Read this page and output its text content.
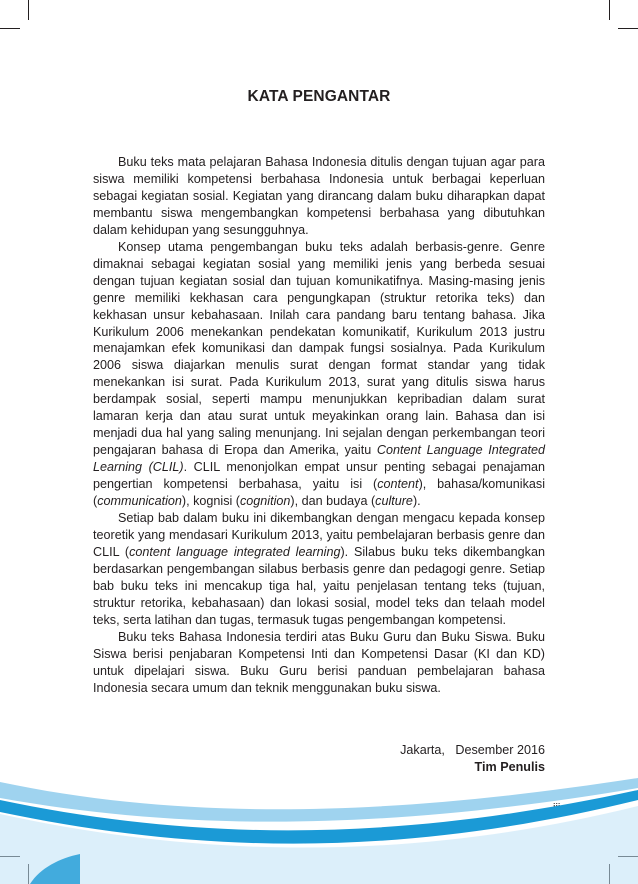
KATA PENGANTAR

Buku teks mata pelajaran Bahasa Indonesia ditulis dengan tujuan agar para siswa memiliki kompetensi berbahasa Indonesia untuk berbagai keperluan sebagai kegiatan sosial. Kegiatan yang dirancang dalam buku diharapkan dapat membantu siswa mengembangkan kompetensi berbahasa yang dibutuhkan dalam kehidupan yang sesungguhnya.

Konsep utama pengembangan buku teks adalah berbasis-genre. Genre dimaknai sebagai kegiatan sosial yang memiliki jenis yang berbeda sesuai dengan tujuan kegiatan sosial dan tujuan komunikatifnya. Masing-masing jenis genre memiliki kekhasan cara pengungkapan (struktur retorika teks) dan kekhasan unsur kebahasaan. Inilah cara pandang baru tentang bahasa. Jika Kurikulum 2006 menekankan pendekatan komunikatif, Kurikulum 2013 justru menajamkan efek komunikasi dan dampak fungsi sosialnya. Pada Kurikulum 2006 siswa diajarkan menulis surat dengan format standar yang tidak menekankan isi surat. Pada Kurikulum 2013, surat yang ditulis siswa harus berdampak sosial, seperti mampu menunjukkan kepribadian dalam surat lamaran kerja dan atau surat untuk meyakinkan orang lain. Bahasa dan isi menjadi dua hal yang saling menunjang. Ini sejalan dengan perkembangan teori pengajaran bahasa di Eropa dan Amerika, yaitu Content Language Integrated Learning (CLIL). CLIL menonjolkan empat unsur penting sebagai penajaman pengertian kompetensi berbahasa, yaitu isi (content), bahasa/komunikasi (communication), kognisi (cognition), dan budaya (culture).

Setiap bab dalam buku ini dikembangkan dengan mengacu kepada konsep teoretik yang mendasari Kurikulum 2013, yaitu pembelajaran berbasis genre dan CLIL (content language integrated learning). Silabus buku teks dikembangkan berdasarkan pengembangan silabus berbasis genre dan pedagogi genre. Setiap bab buku teks ini mencakup tiga hal, yaitu penjelasan tentang teks (tujuan, struktur retorika, kebahasaan) dan lokasi sosial, model teks dan telaah model teks, serta latihan dan tugas, termasuk tugas pengembangan kompetensi.

Buku teks Bahasa Indonesia terdiri atas Buku Guru dan Buku Siswa. Buku Siswa berisi penjabaran Kompetensi Inti dan Kompetensi Dasar (KI dan KD) untuk dipelajari siswa. Buku Guru berisi panduan pembelajaran bahasa Indonesia secara umum dan teknik menggunakan buku siswa.

Jakarta,   Desember 2016
Tim Penulis
